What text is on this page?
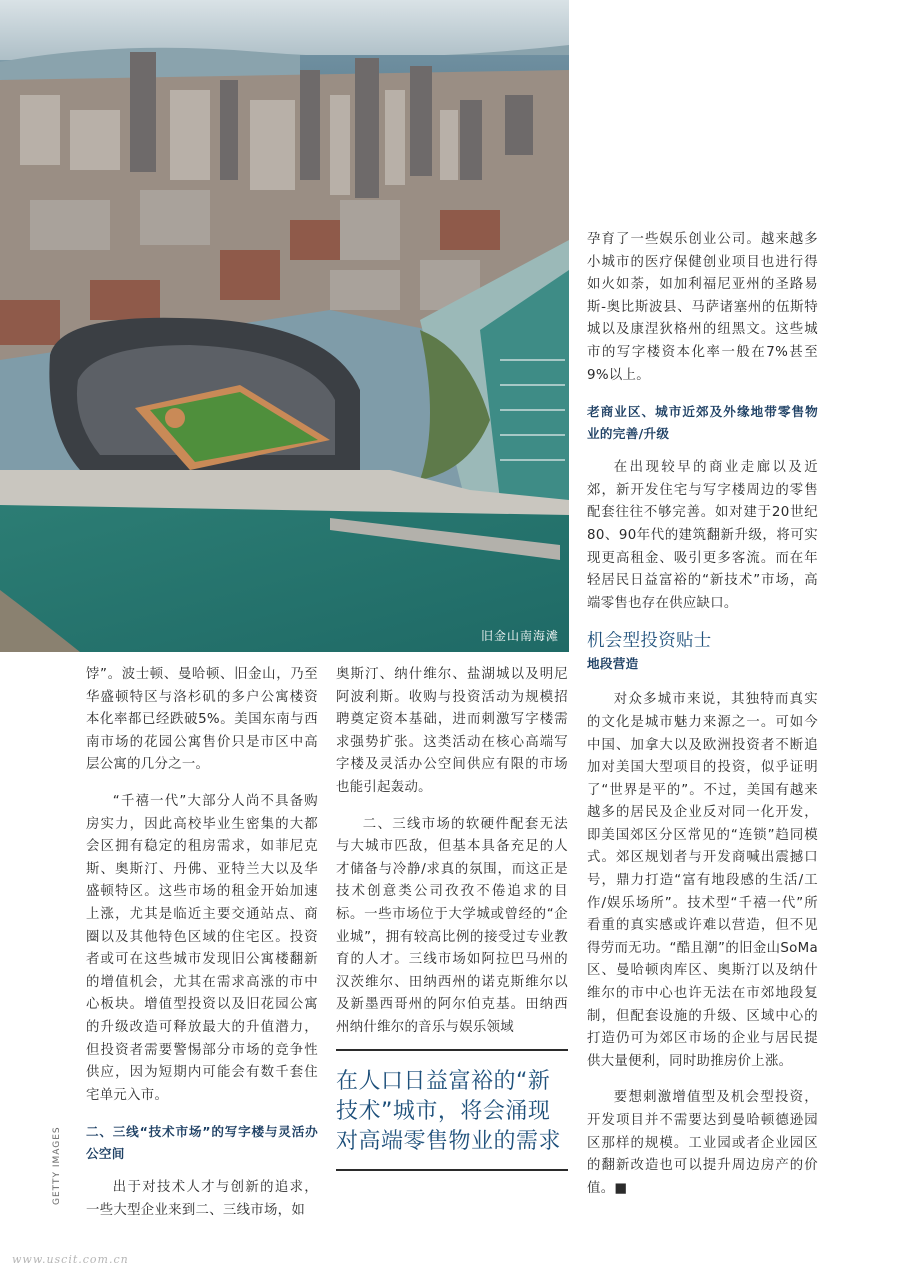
旧金山南海滩

饽”。波士顿、曼哈顿、旧金山，乃至华盛顿特区与洛杉矶的多户公寓楼资本化率都已经跌破5%。美国东南与西南市场的花园公寓售价只是市区中高层公寓的几分之一。

“千禧一代”大部分人尚不具备购房实力，因此高校毕业生密集的大都会区拥有稳定的租房需求，如菲尼克斯、奥斯汀、丹佛、亚特兰大以及华盛顿特区。这些市场的租金开始加速上涨，尤其是临近主要交通站点、商圈以及其他特色区域的住宅区。投资者或可在这些城市发现旧公寓楼翻新的增值机会，尤其在需求高涨的市中心板块。增值型投资以及旧花园公寓的升级改造可释放最大的升值潜力，但投资者需要警惕部分市场的竞争性供应，因为短期内可能会有数千套住宅单元入市。

二、三线“技术市场”的写字楼与灵活办公空间

出于对技术人才与创新的追求，一些大型企业来到二、三线市场，如

奥斯汀、纳什维尔、盐湖城以及明尼阿波利斯。收购与投资活动为规模招聘奠定资本基础，进而刺激写字楼需求强势扩张。这类活动在核心高端写字楼及灵活办公空间供应有限的市场也能引起轰动。

二、三线市场的软硬件配套无法与大城市匹敌，但基本具备充足的人才储备与冷静/求真的氛围，而这正是技术创意类公司孜孜不倦追求的目标。一些市场位于大学城或曾经的“企业城”，拥有较高比例的接受过专业教育的人才。三线市场如阿拉巴马州的汉茨维尔、田纳西州的诺克斯维尔以及新墨西哥州的阿尔伯克基。田纳西州纳什维尔的音乐与娱乐领域

在人口日益富裕的“新技术”城市，将会涌现对高端零售物业的需求

孕育了一些娱乐创业公司。越来越多小城市的医疗保健创业项目也进行得如火如荼，如加利福尼亚州的圣路易斯-奥比斯波县、马萨诸塞州的伍斯特城以及康涅狄格州的纽黑文。这些城市的写字楼资本化率一般在7%甚至9%以上。

老商业区、城市近郊及外缘地带零售物业的完善/升级

在出现较早的商业走廊以及近郊，新开发住宅与写字楼周边的零售配套往往不够完善。如对建于20世纪80、90年代的建筑翻新升级，将可实现更高租金、吸引更多客流。而在年轻居民日益富裕的“新技术”市场，高端零售也存在供应缺口。

机会型投资贴士
地段营造

对众多城市来说，其独特而真实的文化是城市魅力来源之一。可如今中国、加拿大以及欧洲投资者不断追加对美国大型项目的投资，似乎证明了“世界是平的”。不过，美国有越来越多的居民及企业反对同一化开发，即美国郊区分区常见的“连锁”趋同模式。郊区规划者与开发商喊出震撼口号，鼎力打造“富有地段感的生活/工作/娱乐场所”。技术型“千禧一代”所看重的真实感或许难以营造，但不见得劳而无功。“酷且潮”的旧金山SoMa区、曼哈顿肉库区、奥斯汀以及纳什维尔的市中心也许无法在市郊地段复制，但配套设施的升级、区域中心的打造仍可为郊区市场的企业与居民提供大量便利，同时助推房价上涨。

要想刺激增值型及机会型投资，开发项目并不需要达到曼哈顿德逊园区那样的规模。工业园或者企业园区的翻新改造也可以提升周边房产的价值。■

GETTY IMAGES
www.uscit.com.cn
